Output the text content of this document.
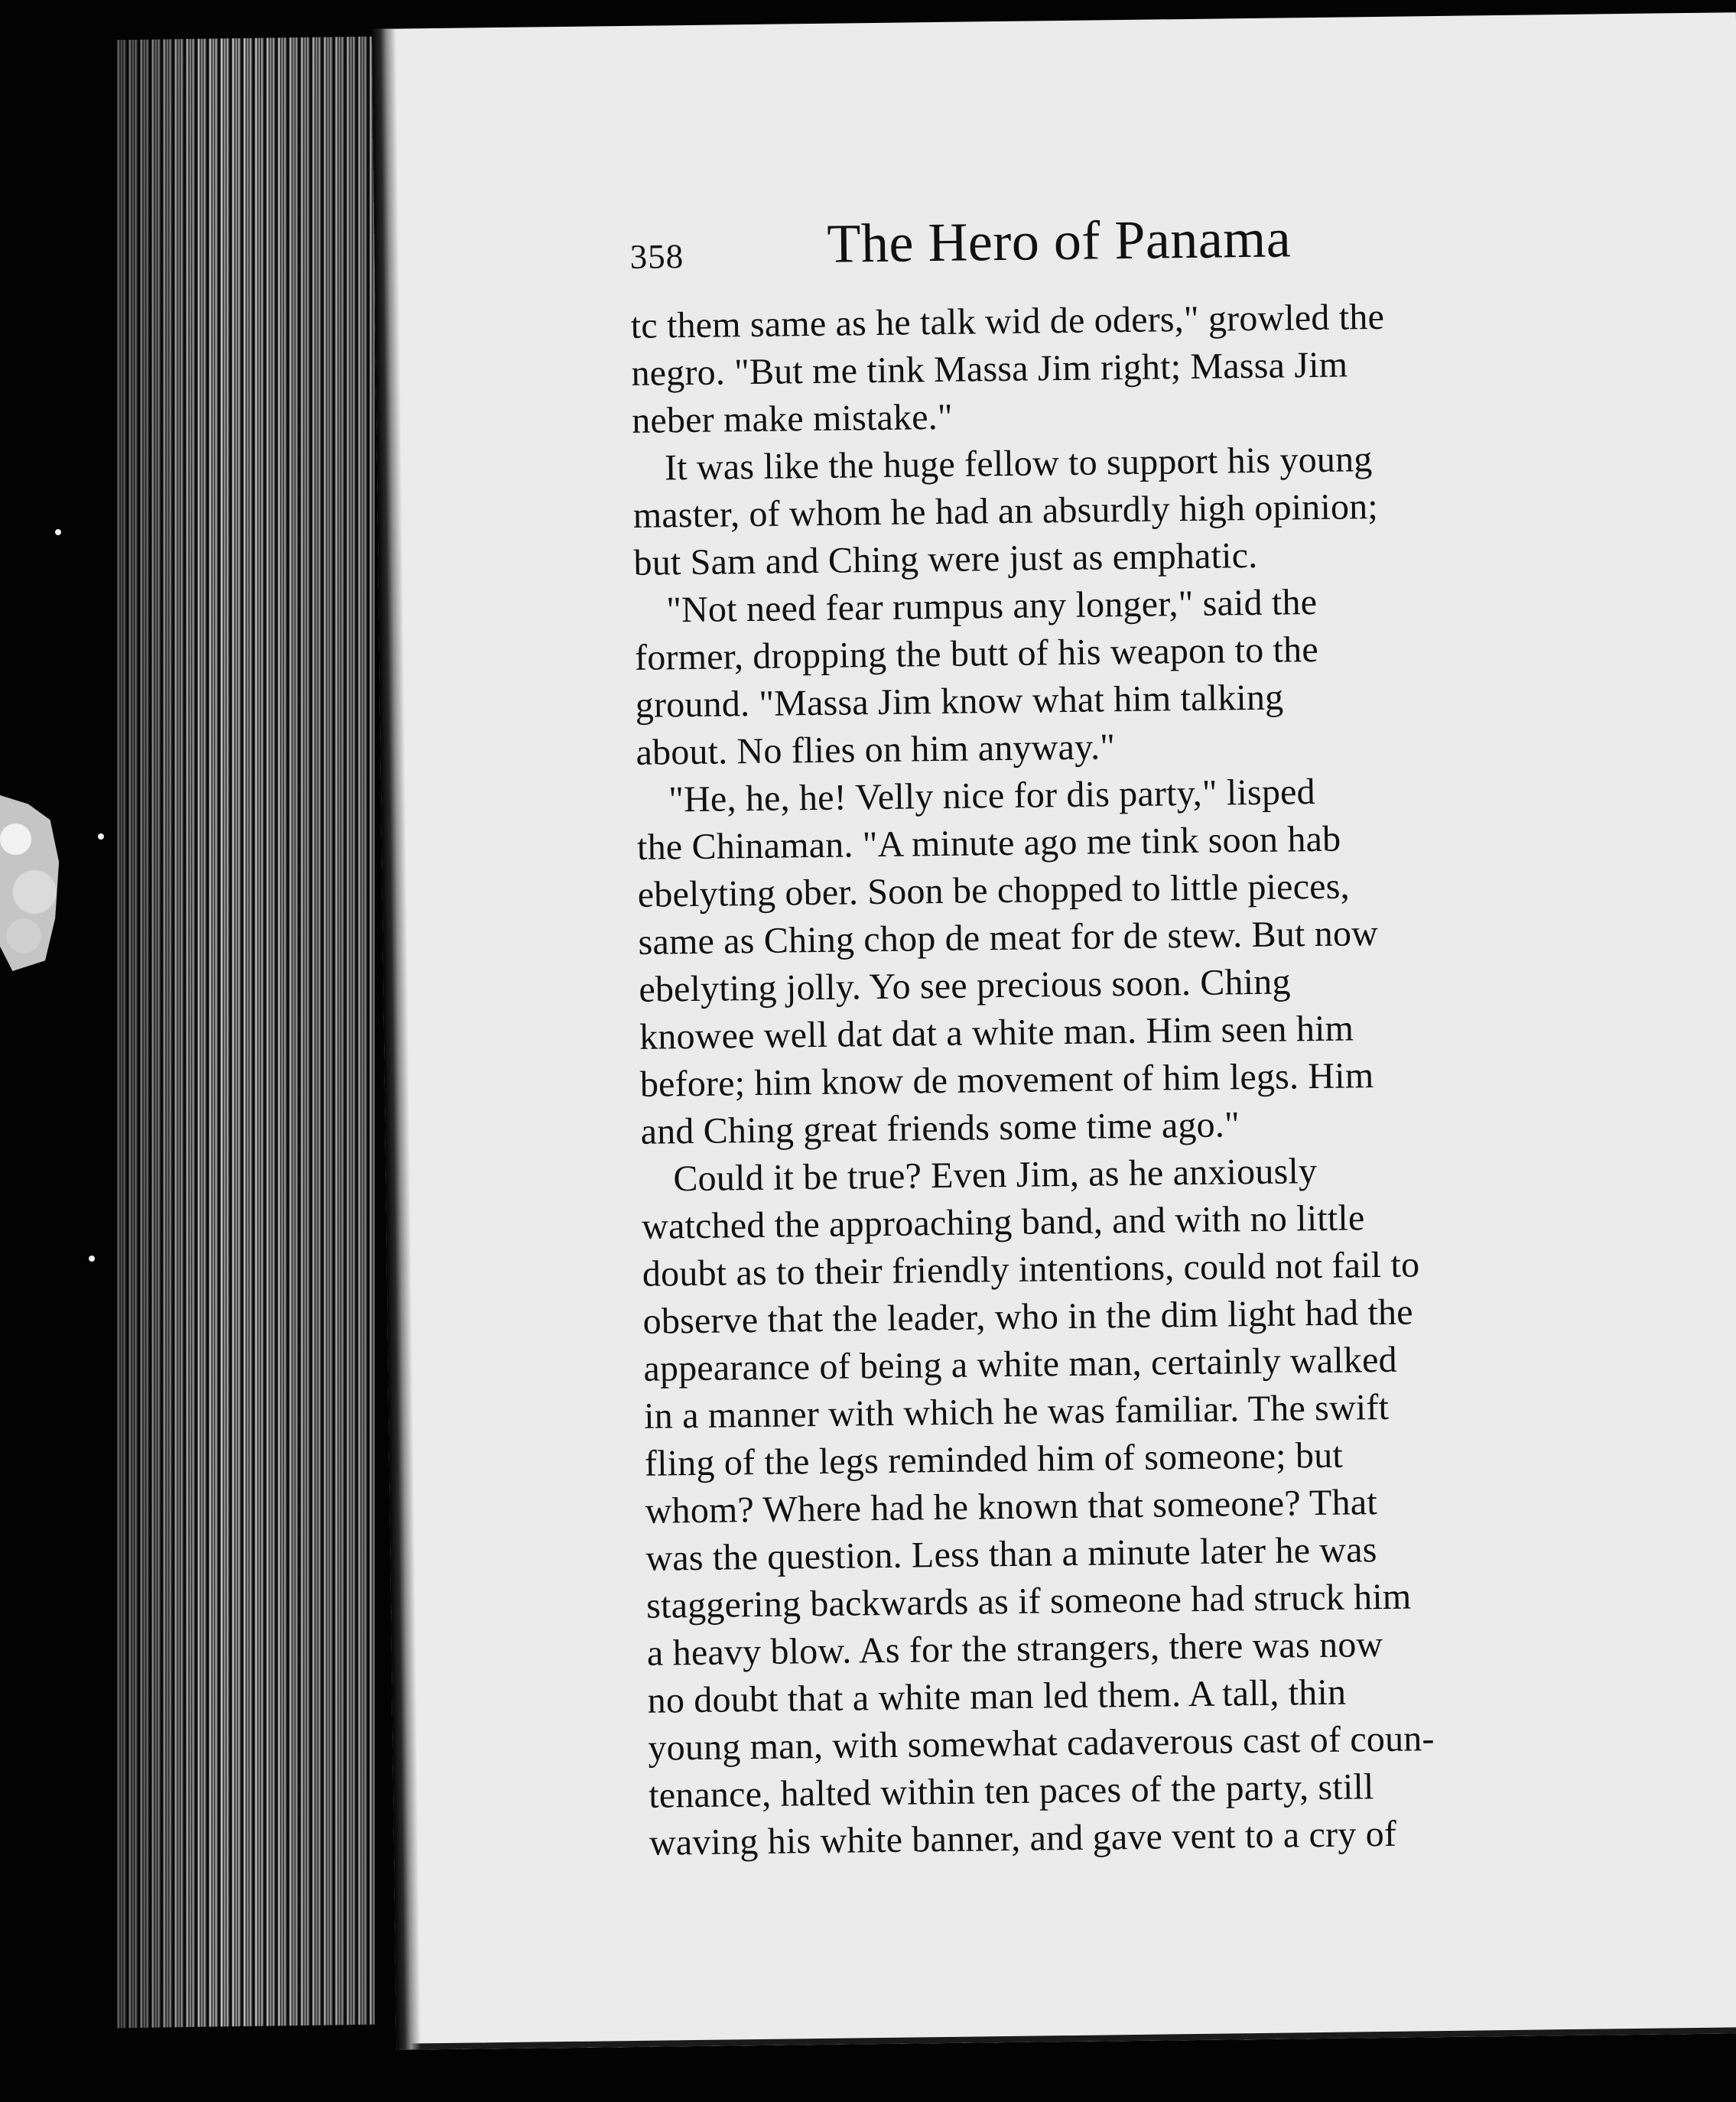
358	The Hero of Panama
tc them same as he talk wid de oders," growled the
negro. "But me tink Massa Jim right; Massa Jim
neber make mistake."
It was like the huge fellow to support his young
master, of whom he had an absurdly high opinion;
but Sam and Ching were just as emphatic.
"Not need fear rumpus any longer," said the
former, dropping the butt of his weapon to the
ground. "Massa Jim know what him talking
about. No flies on him anyway."
"He, he, he! Velly nice for dis party," lisped
the Chinaman. "A minute ago me tink soon hab
ebelyting ober. Soon be chopped to little pieces,
same as Ching chop de meat for de stew. But now
ebelyting jolly. Yo see precious soon. Ching
knowee well dat dat a white man. Him seen him
before; him know de movement of him legs. Him
and Ching great friends some time ago."
Could it be true? Even Jim, as he anxiously
watched the approaching band, and with no little
doubt as to their friendly intentions, could not fail to
observe that the leader, who in the dim light had the
appearance of being a white man, certainly walked
in a manner with which he was familiar. The swift
fling of the legs reminded him of someone; but
whom? Where had he known that someone? That
was the question. Less than a minute later he was
staggering backwards as if someone had struck him
a heavy blow. As for the strangers, there was now
no doubt that a white man led them. A tall, thin
young man, with somewhat cadaverous cast of coun-
tenance, halted within ten paces of the party, still
waving his white banner, and gave vent to a cry of
